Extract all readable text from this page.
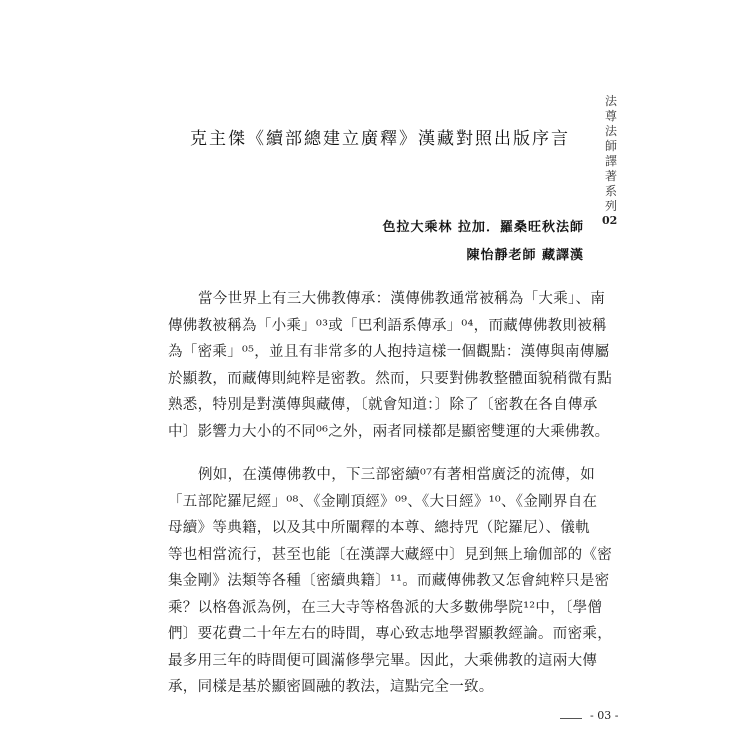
法
尊
法
師
譯
著
系
列
02
克主傑《續部總建立廣釋》漢藏對照出版序言
色拉大乘林 拉加．羅桑旺秋法師
陳怡靜老師 藏譯漢
當今世界上有三大佛教傳承：漢傳佛教通常被稱為「大乘」、南
傳佛教被稱為「小乘」⁰³或「巴利語系傳承」⁰⁴，而藏傳佛教則被稱
為「密乘」⁰⁵，並且有非常多的人抱持這樣一個觀點：漢傳與南傳屬
於顯教，而藏傳則純粹是密教。然而，只要對佛教整體面貌稍微有點
熟悉，特別是對漢傳與藏傳，〔就會知道：〕除了〔密教在各自傳承
中〕影響力大小的不同⁰⁶之外，兩者同樣都是顯密雙運的大乘佛教。
例如，在漢傳佛教中，下三部密續⁰⁷有著相當廣泛的流傳，如
「五部陀羅尼經」⁰⁸、《金剛頂經》⁰⁹、《大日經》¹⁰、《金剛界自在
母續》等典籍，以及其中所闡釋的本尊、總持咒（陀羅尼）、儀軌
等也相當流行，甚至也能〔在漢譯大藏經中〕見到無上瑜伽部的《密
集金剛》法類等各種〔密續典籍〕¹¹。而藏傳佛教又怎會純粹只是密
乘？以格魯派為例，在三大寺等格魯派的大多數佛學院¹²中，〔學僧
們〕要花費二十年左右的時間，專心致志地學習顯教經論。而密乘，
最多用三年的時間便可圓滿修學完畢。因此，大乘佛教的這兩大傳
承，同樣是基於顯密圓融的教法，這點完全一致。
- 03 -
